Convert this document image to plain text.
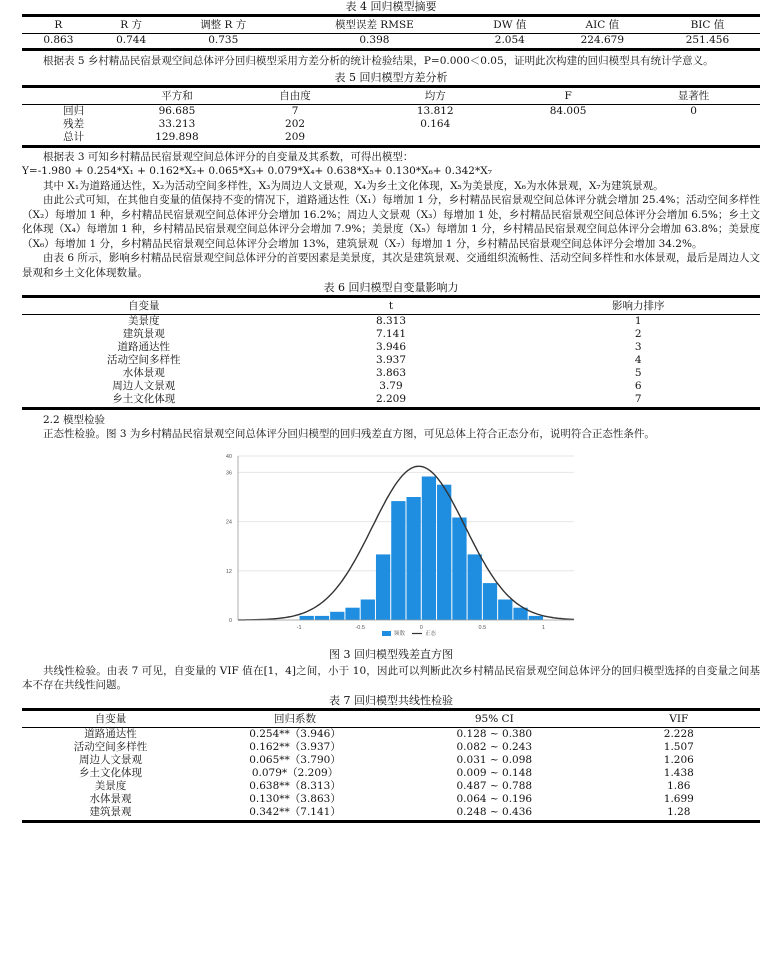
表 4 回归模型摘要
R	R 方	调整 R 方	模型误差 RMSE	DW 值	AIC 值	BIC 值
0.863	0.744	0.735	0.398	2.054	224.679	251.456

根据表 5 乡村精品民宿景观空间总体评分回归模型采用方差分析的统计检验结果，P=0.000＜0.05，证明此次构建的回归模型具有统计学意义。

表 5 回归模型方差分析
	平方和	自由度	均方	F	显著性
回归	96.685	7	13.812	84.005	0
残差	33.213	202	0.164		
总计	129.898	209			

根据表 3 可知乡村精品民宿景观空间总体评分的自变量及其系数，可得出模型：

Y=-1.980 + 0.254*X₁ + 0.162*X₂+ 0.065*X₃+ 0.079*X₄+ 0.638*X₅+ 0.130*X₆+ 0.342*X₇

其中 X₁为道路通达性，X₂为活动空间多样性，X₃为周边人文景观，X₄为乡土文化体现，X₅为美景度，X₆为水体景观，X₇为建筑景观。

由此公式可知，在其他自变量的值保持不变的情况下，道路通达性（X₁）每增加 1 分，乡村精品民宿景观空间总体评分就会增加 25.4%；活动空间多样性（X₂）每增加 1 种，乡村精品民宿景观空间总体评分会增加 16.2%；周边人文景观（X₃）每增加 1 处，乡村精品民宿景观空间总体评分会增加 6.5%；乡土文化体现（X₄）每增加 1 种，乡村精品民宿景观空间总体评分会增加 7.9%；美景度（X₅）每增加 1 分，乡村精品民宿景观空间总体评分会增加 63.8%；美景度（X₆）每增加 1 分，乡村精品民宿景观空间总体评分会增加 13%，建筑景观（X₇）每增加 1 分，乡村精品民宿景观空间总体评分会增加 34.2%。

由表 6 所示，影响乡村精品民宿景观空间总体评分的首要因素是美景度，其次是建筑景观、交通组织流畅性、活动空间多样性和水体景观，最后是周边人文景观和乡土文化体现数量。

表 6 回归模型自变量影响力
自变量	t	影响力排序
美景度	8.313	1
建筑景观	7.141	2
道路通达性	3.946	3
活动空间多样性	3.937	4
水体景观	3.863	5
周边人文景观	3.79	6
乡土文化体现	2.209	7
2.2 模型检验

正态性检验。图 3 为乡村精品民宿景观空间总体评分回归模型的回归残差直方图，可见总体上符合正态分布，说明符合正态性条件。

0
12
24
36
40
-1	-0.5	0	0.5	1
频数	正态
图 3 回归模型残差直方图

共线性检验。由表 7 可见，自变量的 VIF 值在[1，4]之间，小于 10，因此可以判断此次乡村精品民宿景观空间总体评分的回归模型选择的自变量之间基本不存在共线性问题。

表 7 回归模型共线性检验
自变量	回归系数	95% CI	VIF
道路通达性	0.254**（3.946）	0.128 ~ 0.380	2.228
活动空间多样性	0.162**（3.937）	0.082 ~ 0.243	1.507
周边人文景观	0.065**（3.790）	0.031 ~ 0.098	1.206
乡土文化体现	0.079*（2.209）	0.009 ~ 0.148	1.438
美景度	0.638**（8.313）	0.487 ~ 0.788	1.86
水体景观	0.130**（3.863）	0.064 ~ 0.196	1.699
建筑景观	0.342**（7.141）	0.248 ~ 0.436	1.28
